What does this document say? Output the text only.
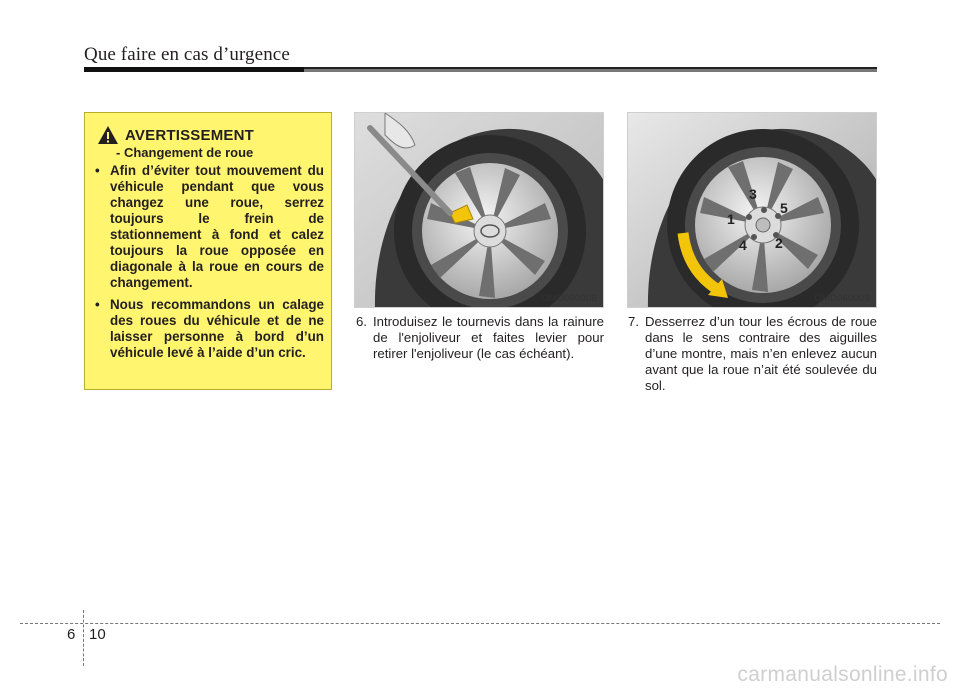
Que faire en cas d’urgence
AVERTISSEMENT
- Changement de roue
• Afin d’éviter tout mouvement du véhicule pendant que vous changez une roue, serrez toujours le frein de stationnement à fond et calez toujours la roue opposée en diagonale à la roue en cours de changement.
• Nous recommandons un calage des roues du véhicule et de ne laisser personne à bord d’un véhicule levé à l’aide d’un cric.
OMD060006
1
2
3
4
5
OMD060009
6. Introduisez le tournevis dans la rainure de l'enjoliveur et faites levier pour retirer l'enjoliveur (le cas échéant).
7. Desserrez d’un tour les écrous de roue dans le sens contraire des aiguilles d’une montre, mais n’en enlevez aucun avant que la roue n’ait été soulevée du sol.
6 10
carmanualsonline.info
